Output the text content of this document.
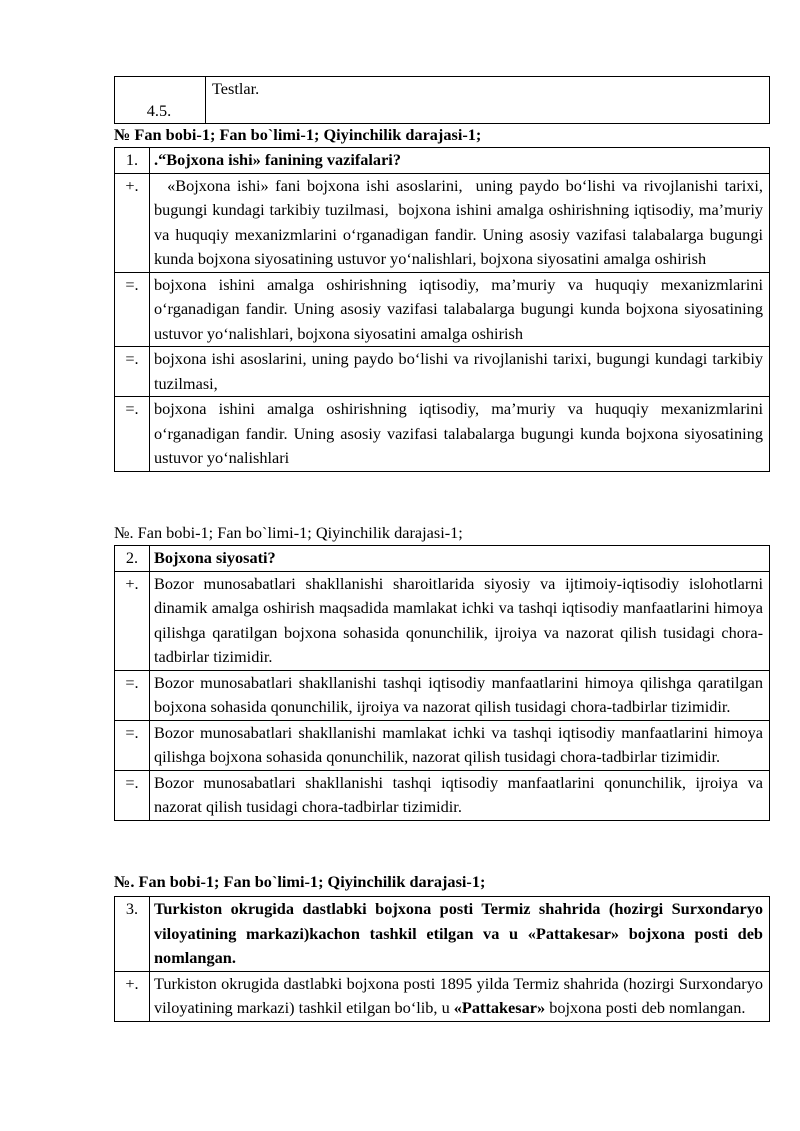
4.5.	Testlar.
№ Fan bobi-1; Fan bo`limi-1; Qiyinchilik darajasi-1;
1.	.“Bojxona ishi» fanining vazifalari?
+.	«Bojxona ishi» fani bojxona ishi asoslarini,  uning paydo bo‘lishi va rivojlanishi tarixi, bugungi kundagi tarkibiy tuzilmasi,  bojxona ishini amalga oshirishning iqtisodiy, ma’muriy va huquqiy mexanizmlarini o‘rganadigan fandir. Uning asosiy vazifasi talabalarga bugungi kunda bojxona siyosatining ustuvor yo‘nalishlari, bojxona siyosatini amalga oshirish
=.	bojxona ishini amalga oshirishning iqtisodiy, ma’muriy va huquqiy mexanizmlarini o‘rganadigan fandir. Uning asosiy vazifasi talabalarga bugungi kunda bojxona siyosatining ustuvor yo‘nalishlari, bojxona siyosatini amalga oshirish
=.	bojxona ishi asoslarini, uning paydo bo‘lishi va rivojlanishi tarixi, bugungi kundagi tarkibiy tuzilmasi,
=.	bojxona ishini amalga oshirishning iqtisodiy, ma’muriy va huquqiy mexanizmlarini o‘rganadigan fandir. Uning asosiy vazifasi talabalarga bugungi kunda bojxona siyosatining ustuvor yo‘nalishlari
№. Fan bobi-1; Fan bo`limi-1; Qiyinchilik darajasi-1;
2.	Bojxona siyosati?
+.	Bozor munosabatlari shakllanishi sharoitlarida siyosiy va ijtimoiy-iqtisodiy islohotlarni dinamik amalga oshirish maqsadida mamlakat ichki va tashqi iqtisodiy manfaatlarini himoya qilishga qaratilgan bojxona sohasida qonunchilik, ijroiya va nazorat qilish tusidagi chora-tadbirlar tizimidir.
=.	Bozor munosabatlari shakllanishi tashqi iqtisodiy manfaatlarini himoya qilishga qaratilgan bojxona sohasida qonunchilik, ijroiya va nazorat qilish tusidagi chora-tadbirlar tizimidir.
=.	Bozor munosabatlari shakllanishi mamlakat ichki va tashqi iqtisodiy manfaatlarini himoya qilishga bojxona sohasida qonunchilik, nazorat qilish tusidagi chora-tadbirlar tizimidir.
=.	Bozor munosabatlari shakllanishi tashqi iqtisodiy manfaatlarini qonunchilik, ijroiya va nazorat qilish tusidagi chora-tadbirlar tizimidir.
№. Fan bobi-1; Fan bo`limi-1; Qiyinchilik darajasi-1;
3.	Turkiston okrugida dastlabki bojxona posti Termiz shahrida (hozirgi Surxondaryo viloyatining markazi)kachon tashkil etilgan va u «Pattakesar» bojxona posti deb nomlangan.
+.	Turkiston okrugida dastlabki bojxona posti 1895 yilda Termiz shahrida (hozirgi Surxondaryo viloyatining markazi) tashkil etilgan bo‘lib, u «Pattakesar» bojxona posti deb nomlangan.
